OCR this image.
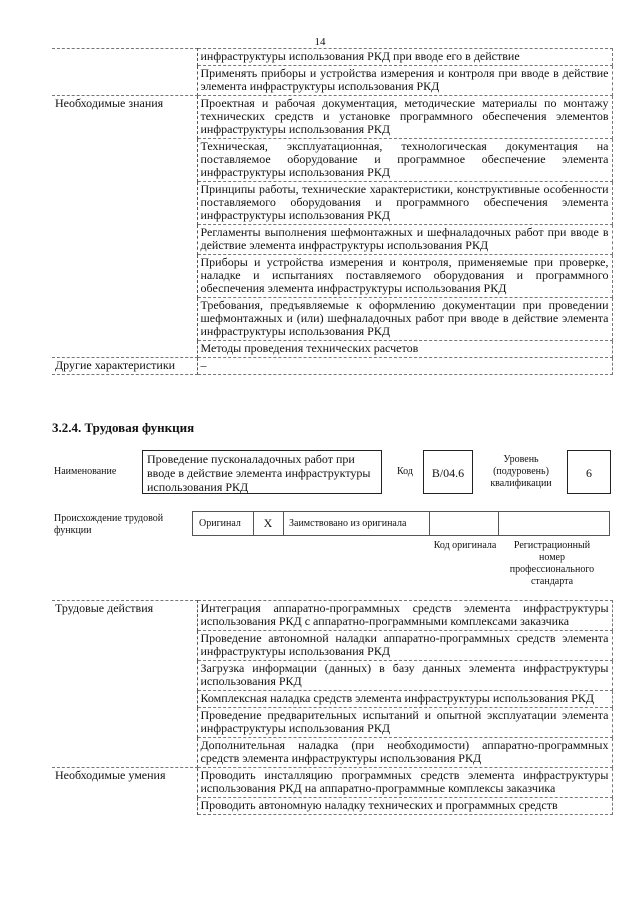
14
	инфраструктуры использования РКД при вводе его в действие
	Применять приборы и устройства измерения и контроля при вводе в действие элемента инфраструктуры использования РКД
Необходимые знания	Проектная и рабочая документация, методические материалы по монтажу технических средств и установке программного обеспечения элементов инфраструктуры использования РКД
	Техническая, эксплуатационная, технологическая документация на поставляемое оборудование и программное обеспечение элемента инфраструктуры использования РКД
	Принципы работы, технические характеристики, конструктивные особенности поставляемого оборудования и программного обеспечения элемента инфраструктуры использования РКД
	Регламенты выполнения шефмонтажных и шефналадочных работ при вводе в действие элемента инфраструктуры использования РКД
	Приборы и устройства измерения и контроля, применяемые при проверке, наладке и испытаниях поставляемого оборудования и программного обеспечения элемента инфраструктуры использования РКД
	Требования, предъявляемые к оформлению документации при проведении шефмонтажных и (или) шефналадочных работ при вводе в действие элемента инфраструктуры использования РКД
	Методы проведения технических расчетов
Другие характеристики	–
3.2.4. Трудовая функция
Наименование
Проведение пусконаладочных работ при вводе в действие элемента инфраструктуры использования РКД
Код	B/04.6
Уровень (подуровень) квалификации
6
Происхождение трудовой функции
Оригинал	X	Заимствовано из оригинала
Код оригинала	Регистрационный номер профессионального стандарта
Трудовые действия	Интеграция аппаратно-программных средств элемента инфраструктуры использования РКД с аппаратно-программными комплексами заказчика
	Проведение автономной наладки аппаратно-программных средств элемента инфраструктуры использования РКД
	Загрузка информации (данных) в базу данных элемента инфраструктуры использования РКД
	Комплексная наладка средств элемента инфраструктуры использования РКД
	Проведение предварительных испытаний и опытной эксплуатации элемента инфраструктуры использования РКД
	Дополнительная наладка (при необходимости) аппаратно-программных средств элемента инфраструктуры использования РКД
Необходимые умения	Проводить инсталляцию программных средств элемента инфраструктуры использования РКД на аппаратно-программные комплексы заказчика
	Проводить автономную наладку технических и программных средств
